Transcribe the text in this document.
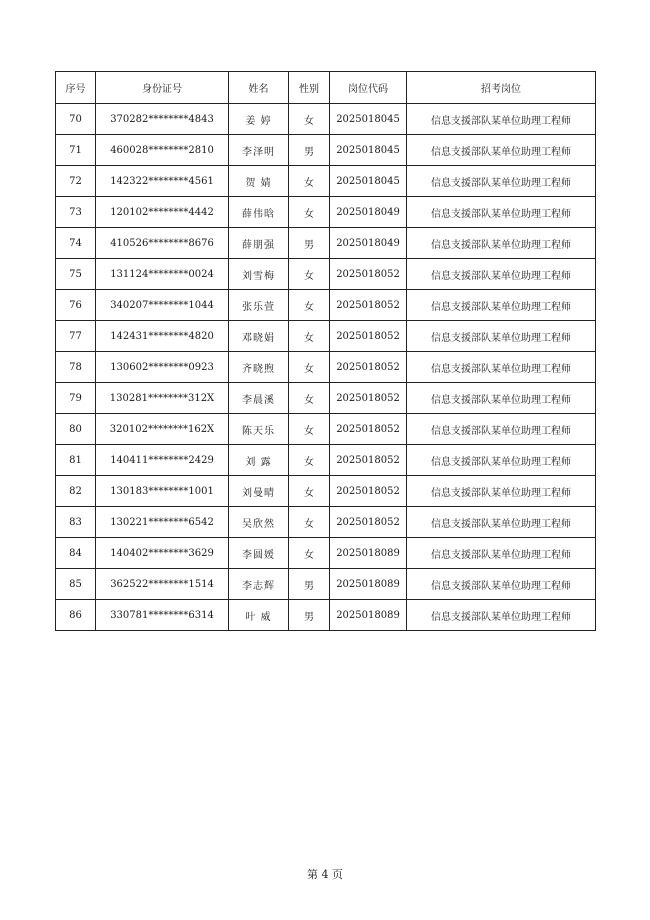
序号	身份证号	姓名	性别	岗位代码	招考岗位
70	370282********4843	姜 婷	女	2025018045	信息支援部队某单位助理工程师
71	460028********2810	李泽明	男	2025018045	信息支援部队某单位助理工程师
72	142322********4561	贺 婧	女	2025018045	信息支援部队某单位助理工程师
73	120102********4442	薛伟晗	女	2025018049	信息支援部队某单位助理工程师
74	410526********8676	薛朋强	男	2025018049	信息支援部队某单位助理工程师
75	131124********0024	刘雪梅	女	2025018052	信息支援部队某单位助理工程师
76	340207********1044	张乐萱	女	2025018052	信息支援部队某单位助理工程师
77	142431********4820	邓晓娟	女	2025018052	信息支援部队某单位助理工程师
78	130602********0923	齐晓煦	女	2025018052	信息支援部队某单位助理工程师
79	130281********312X	李晨溪	女	2025018052	信息支援部队某单位助理工程师
80	320102********162X	陈天乐	女	2025018052	信息支援部队某单位助理工程师
81	140411********2429	刘 露	女	2025018052	信息支援部队某单位助理工程师
82	130183********1001	刘曼晴	女	2025018052	信息支援部队某单位助理工程师
83	130221********6542	吴欣然	女	2025018052	信息支援部队某单位助理工程师
84	140402********3629	李圆媛	女	2025018089	信息支援部队某单位助理工程师
85	362522********1514	李志辉	男	2025018089	信息支援部队某单位助理工程师
86	330781********6314	叶 威	男	2025018089	信息支援部队某单位助理工程师
第 4 页
